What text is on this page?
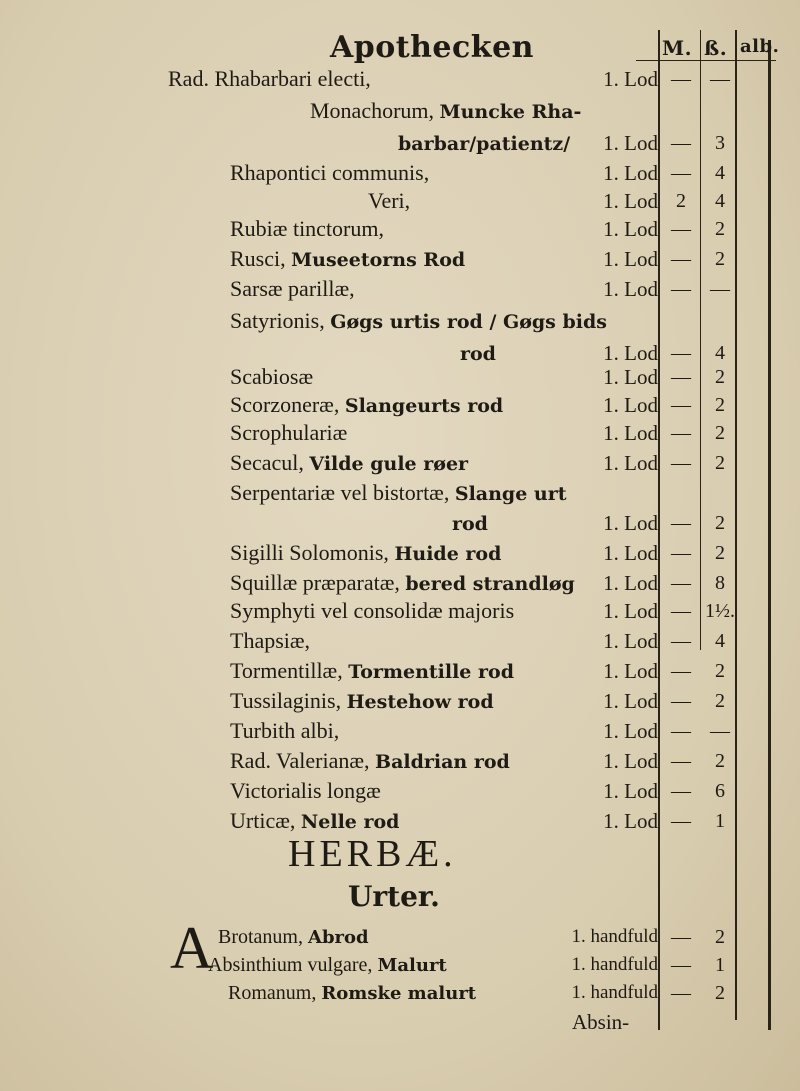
Apothecken	M. ß. alb.
Rad. Rhabarbari electi,	1. Lod — —
Monachorum, Muncke Rha-
barbar/patientz/	1. Lod —	3
Rhapontici communis,	1. Lod —	4
Veri,	1. Lod 2	4
Rubiæ tinctorum,	1. Lod —	2
Rusci, Museetorns Rod	1. Lod —	2
Sarsæ parillæ,	1. Lod — —
Satyrionis, Gøgs urtis rod / Gøgs bids
rod	1. Lod —	4
Scabiosæ	1. Lod —	2
Scorzoneræ, Slangeurts rod	1. Lod —	2
Scrophulariæ	1. Lod —	2
Secacul, Vilde gule røer	1. Lod —	2
Serpentariæ vel bistortæ, Slange urt
rod	1. Lod —	2
Sigilli Solomonis, Huide rod	1. Lod —	2
Squillæ præparatæ, bered strandløg	1. Lod —	8
Symphyti vel consolidæ majoris	1. Lod — 1½.
Thapsiæ,	1. Lod —	4
Tormentillæ, Tormentille rod	1. Lod —	2
Tussilaginis, Hestehow rod	1. Lod —	2
Turbith albi,	1. Lod — —
Rad. Valerianæ, Baldrian rod	1. Lod —	2
Victorialis longæ	1. Lod —	6
Urticæ, Nelle rod	1. Lod —	1
HERBÆ.
Urter.
A Brotanum, Abrod	1. handfuld —	2
Absinthium vulgare, Malurt	1. handfuld —	1
Romanum, Romske malurt	1. handfuld —	2
Absin-
